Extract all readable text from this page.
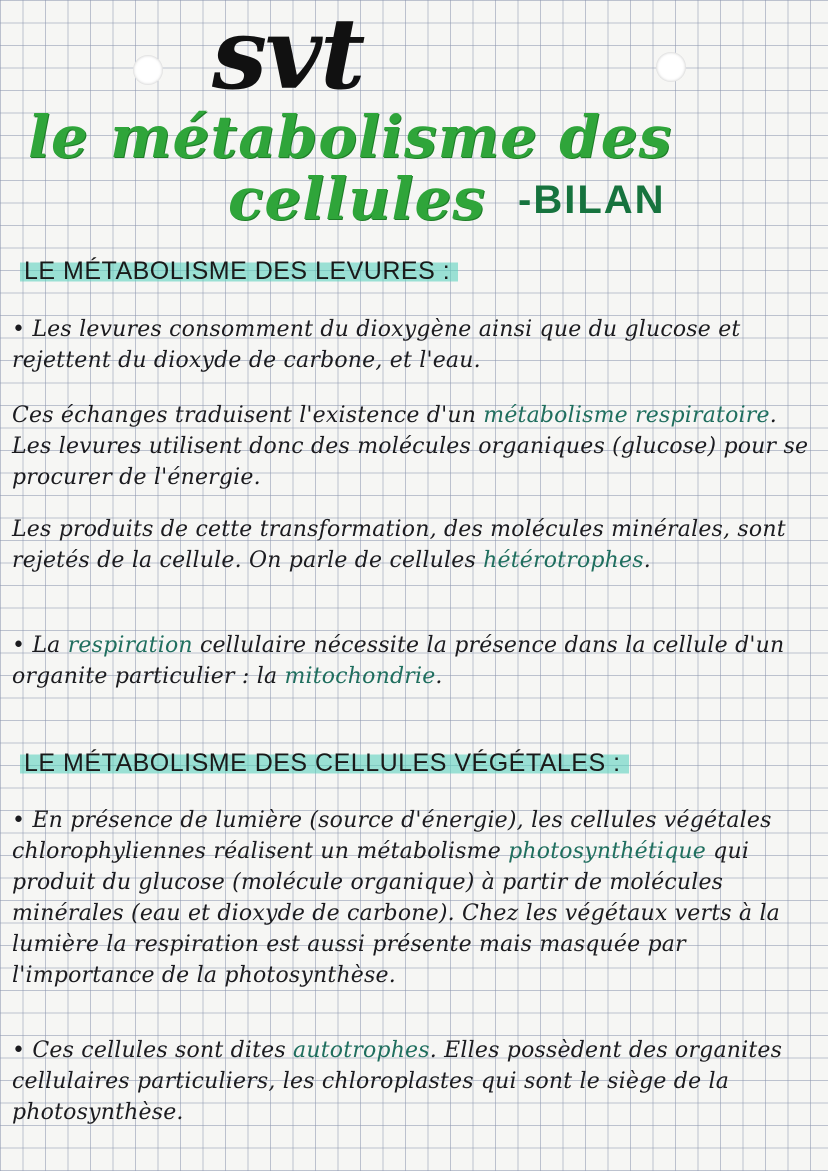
svt
le métabolisme des
cellules -BILAN
LE MÉTABOLISME DES LEVURES :
• Les levures consomment du dioxygène ainsi que du glucose et rejettent du dioxyde de carbone, et l'eau.
Ces échanges traduisent l'existence d'un métabolisme respiratoire. Les levures utilisent donc des molécules organiques (glucose) pour se procurer de l'énergie.
Les produits de cette transformation, des molécules minérales, sont rejetés de la cellule. On parle de cellules hétérotrophes.
• La respiration cellulaire nécessite la présence dans la cellule d'un organite particulier : la mitochondrie.
LE MÉTABOLISME DES CELLULES VÉGÉTALES :
• En présence de lumière (source d'énergie), les cellules végétales chlorophyliennes réalisent un métabolisme photosynthétique qui produit du glucose (molécule organique) à partir de molécules minérales (eau et dioxyde de carbone). Chez les végétaux verts à la lumière la respiration est aussi présente mais masquée par l'importance de la photosynthèse.
• Ces cellules sont dites autotrophes. Elles possèdent des organites cellulaires particuliers, les chloroplastes qui sont le siège de la photosynthèse.
